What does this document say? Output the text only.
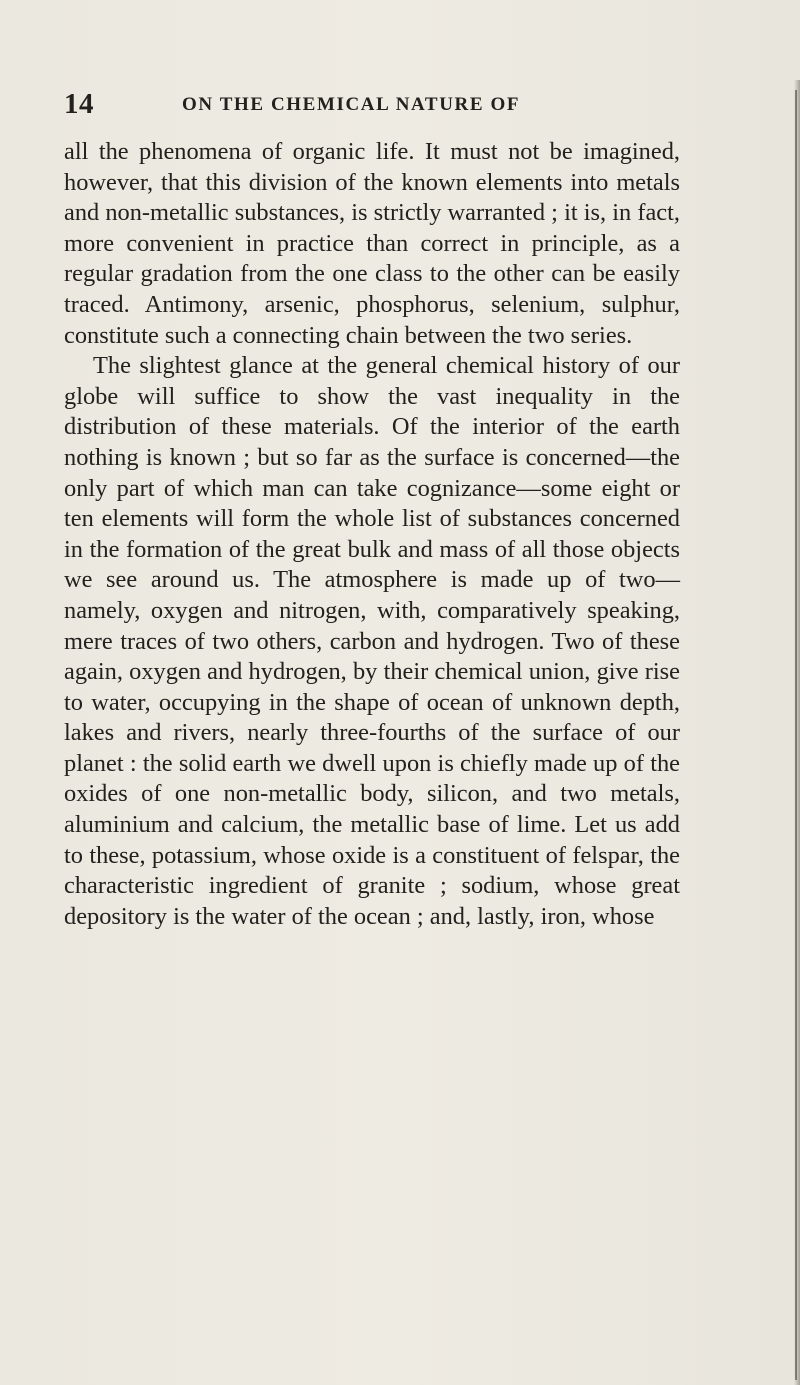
14	ON THE CHEMICAL NATURE OF

all the phenomena of organic life. It must not be imagined, however, that this division of the known elements into metals and non-metallic substances, is strictly warranted ; it is, in fact, more convenient in practice than correct in principle, as a regular gradation from the one class to the other can be easily traced. Antimony, arsenic, phosphorus, selenium, sulphur, constitute such a connecting chain between the two series.

The slightest glance at the general chemical history of our globe will suffice to show the vast inequality in the distribution of these materials. Of the interior of the earth nothing is known ; but so far as the surface is concerned—the only part of which man can take cognizance—some eight or ten elements will form the whole list of substances concerned in the formation of the great bulk and mass of all those objects we see around us. The atmosphere is made up of two—namely, oxygen and nitrogen, with, comparatively speaking, mere traces of two others, carbon and hydrogen. Two of these again, oxygen and hydrogen, by their chemical union, give rise to water, occupying in the shape of ocean of unknown depth, lakes and rivers, nearly three-fourths of the surface of our planet : the solid earth we dwell upon is chiefly made up of the oxides of one non-metallic body, silicon, and two metals, aluminium and calcium, the metallic base of lime. Let us add to these, potassium, whose oxide is a constituent of felspar, the characteristic ingredient of granite ; sodium, whose great depository is the water of the ocean ; and, lastly, iron, whose
